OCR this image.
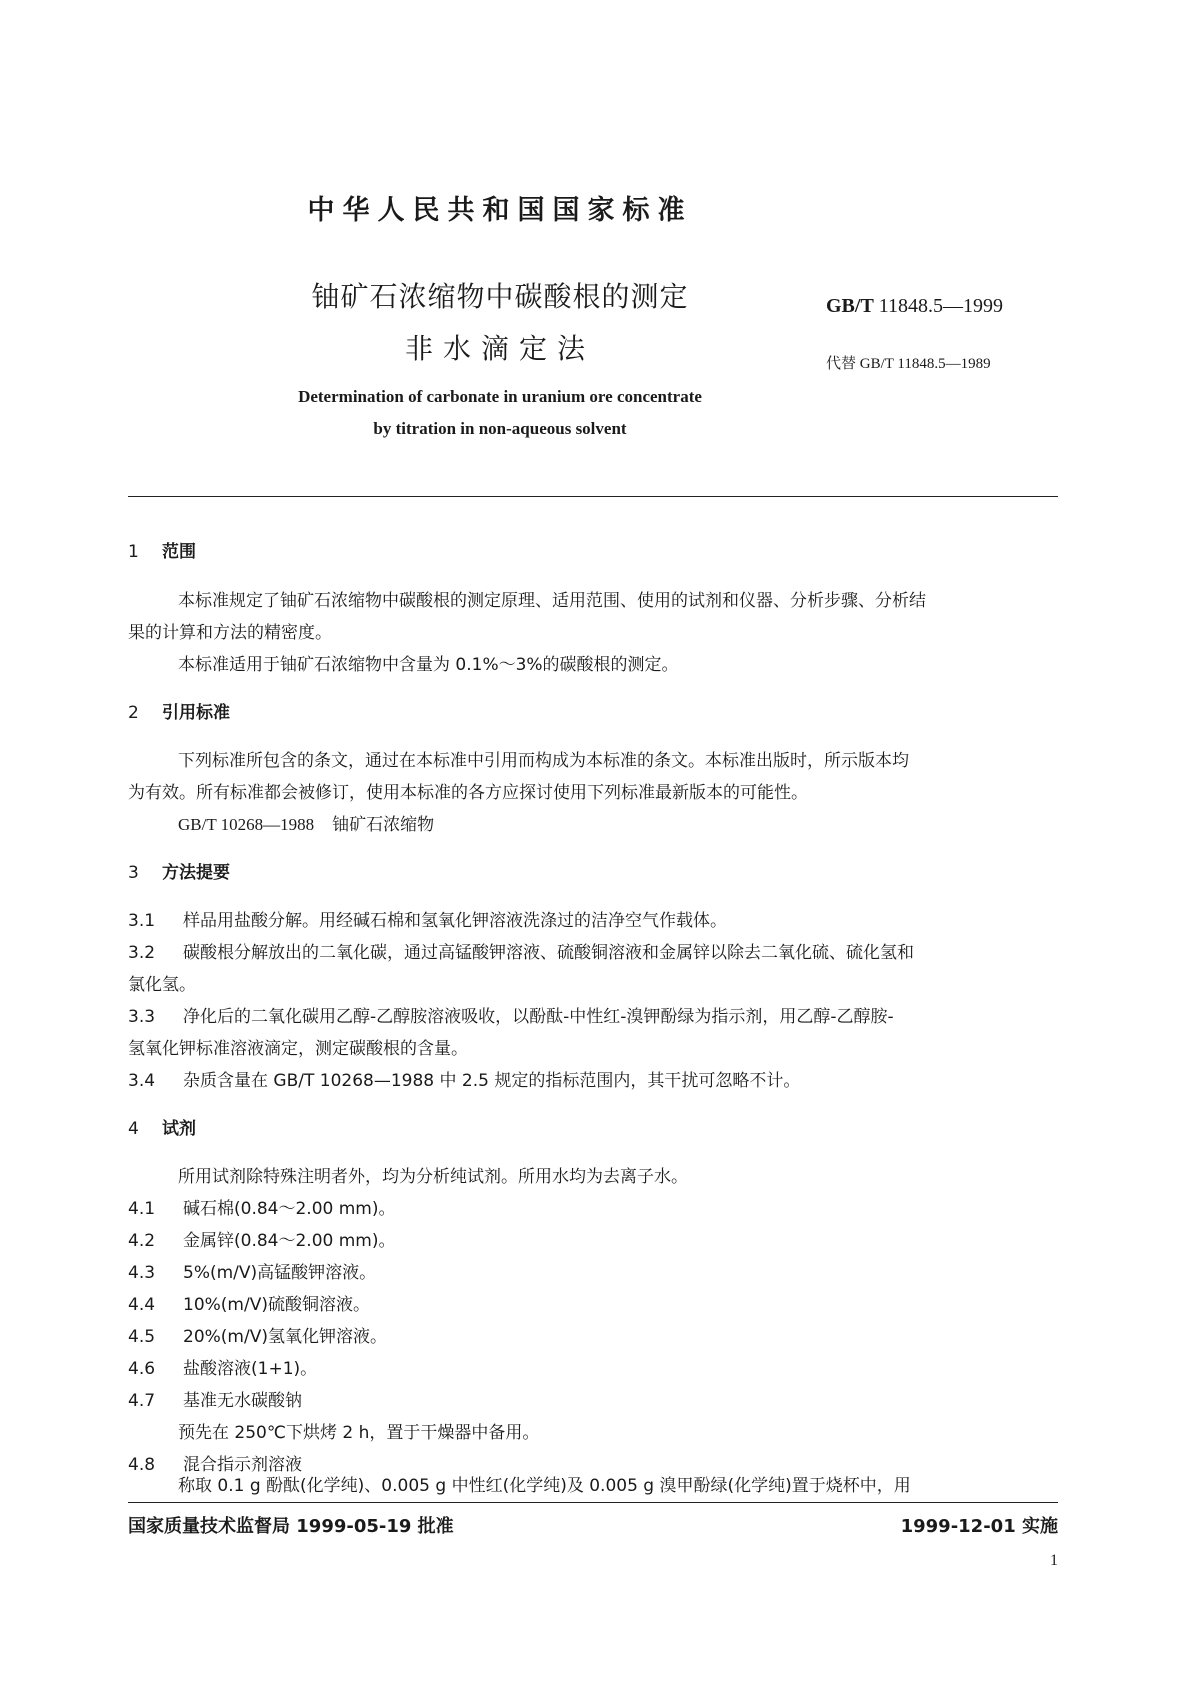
中华人民共和国国家标准
铀矿石浓缩物中碳酸根的测定
非水滴定法
GB/T 11848.5—1999
代替 GB/T 11848.5—1989
Determination of carbonate in uranium ore concentrate
by titration in non-aqueous solvent
1 范围
本标准规定了铀矿石浓缩物中碳酸根的测定原理、适用范围、使用的试剂和仪器、分析步骤、分析结
果的计算和方法的精密度。
本标准适用于铀矿石浓缩物中含量为 0.1%～3%的碳酸根的测定。
2 引用标准
下列标准所包含的条文，通过在本标准中引用而构成为本标准的条文。本标准出版时，所示版本均
为有效。所有标准都会被修订，使用本标准的各方应探讨使用下列标准最新版本的可能性。
GB/T 10268—1988 铀矿石浓缩物
3 方法提要
3.1 样品用盐酸分解。用经碱石棉和氢氧化钾溶液洗涤过的洁净空气作载体。
3.2 碳酸根分解放出的二氧化碳，通过高锰酸钾溶液、硫酸铜溶液和金属锌以除去二氧化硫、硫化氢和
氯化氢。
3.3 净化后的二氧化碳用乙醇-乙醇胺溶液吸收，以酚酞-中性红-溴钾酚绿为指示剂，用乙醇-乙醇胺-
氢氧化钾标准溶液滴定，测定碳酸根的含量。
3.4 杂质含量在 GB/T 10268—1988 中 2.5 规定的指标范围内，其干扰可忽略不计。
4 试剂
所用试剂除特殊注明者外，均为分析纯试剂。所用水均为去离子水。
4.1 碱石棉(0.84～2.00 mm)。
4.2 金属锌(0.84～2.00 mm)。
4.3 5%(m/V)高锰酸钾溶液。
4.4 10%(m/V)硫酸铜溶液。
4.5 20%(m/V)氢氧化钾溶液。
4.6 盐酸溶液(1+1)。
4.7 基准无水碳酸钠
预先在 250℃下烘烤 2 h，置于干燥器中备用。
4.8 混合指示剂溶液
称取 0.1 g 酚酞(化学纯)、0.005 g 中性红(化学纯)及 0.005 g 溴甲酚绿(化学纯)置于烧杯中，用
国家质量技术监督局 1999-05-19 批准	1999-12-01 实施
1
